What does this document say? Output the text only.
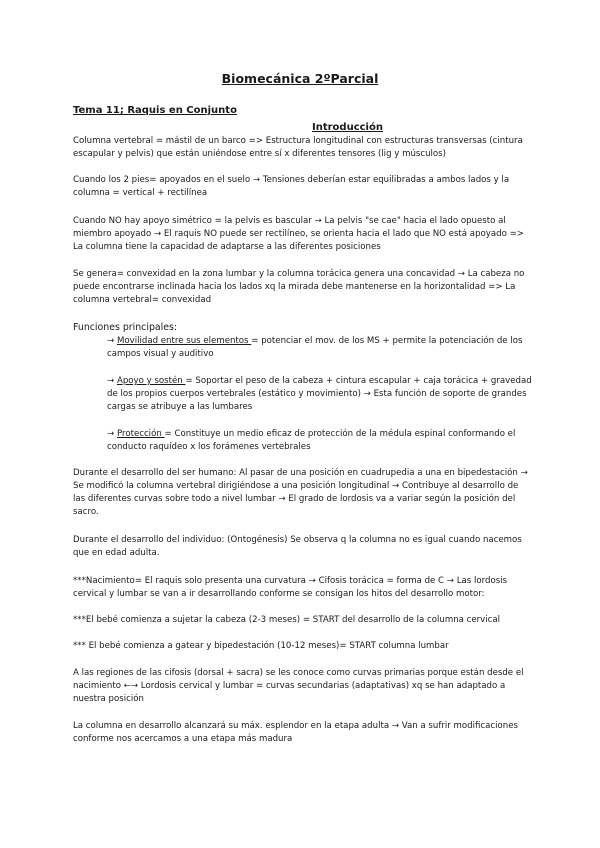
Biomecánica 2ºParcial
Tema 11; Raquis en Conjunto
Introducción
Columna vertebral = mástil de un barco => Estructura longitudinal con estructuras transversas (cintura escapular y pelvis) que están uniéndose entre sí x diferentes tensores (lig y músculos)
Cuando los 2 pies= apoyados en el suelo → Tensiones deberían estar equilibradas a ambos lados y la columna = vertical + rectilínea
Cuando NO hay apoyo simétrico = la pelvis es bascular → La pelvis "se cae" hacia el lado opuesto al miembro apoyado → El raquis NO puede ser rectilíneo, se orienta hacia el lado que NO está apoyado => La columna tiene la capacidad de adaptarse a las diferentes posiciones
Se genera= convexidad en la zona lumbar y la columna torácica genera una concavidad → La cabeza no puede encontrarse inclinada hacia los lados xq la mirada debe mantenerse en la horizontalidad => La columna vertebral= convexidad
Funciones principales:
→ Movilidad entre sus elementos = potenciar el mov. de los MS + permite la potenciación de los campos visual y auditivo
→ Apoyo y sostén = Soportar el peso de la cabeza + cintura escapular + caja torácica + gravedad de los propios cuerpos vertebrales (estático y movimiento) → Esta función de soporte de grandes cargas se atribuye a las lumbares
→ Protección = Constituye un medio eficaz de protección de la médula espinal conformando el conducto raquídeo x los forámenes vertebrales
Durante el desarrollo del ser humano: Al pasar de una posición en cuadrupedia a una en bipedestación → Se modificó la columna vertebral dirigiéndose a una posición longitudinal → Contribuye al desarrollo de las diferentes curvas sobre todo a nivel lumbar → El grado de lordosis va a variar según la posición del sacro.
Durante el desarrollo del individuo: (Ontogénesis) Se observa q la columna no es igual cuando nacemos que en edad adulta.
***Nacimiento= El raquis solo presenta una curvatura → Cifosis torácica = forma de C → Las lordosis cervical y lumbar se van a ir desarrollando conforme se consigan los hitos del desarrollo motor:
***El bebé comienza a sujetar la cabeza (2-3 meses) = START del desarrollo de la columna cervical
*** El bebé comienza a gatear y bipedestación (10-12 meses)= START columna lumbar
A las regiones de las cifosis (dorsal + sacra) se les conoce como curvas primarias porque están desde el nacimiento ←→ Lordosis cervical y lumbar = curvas secundarias (adaptativas) xq se han adaptado a nuestra posición
La columna en desarrollo alcanzará su máx. esplendor en la etapa adulta → Van a sufrir modificaciones conforme nos acercamos a una etapa más madura
